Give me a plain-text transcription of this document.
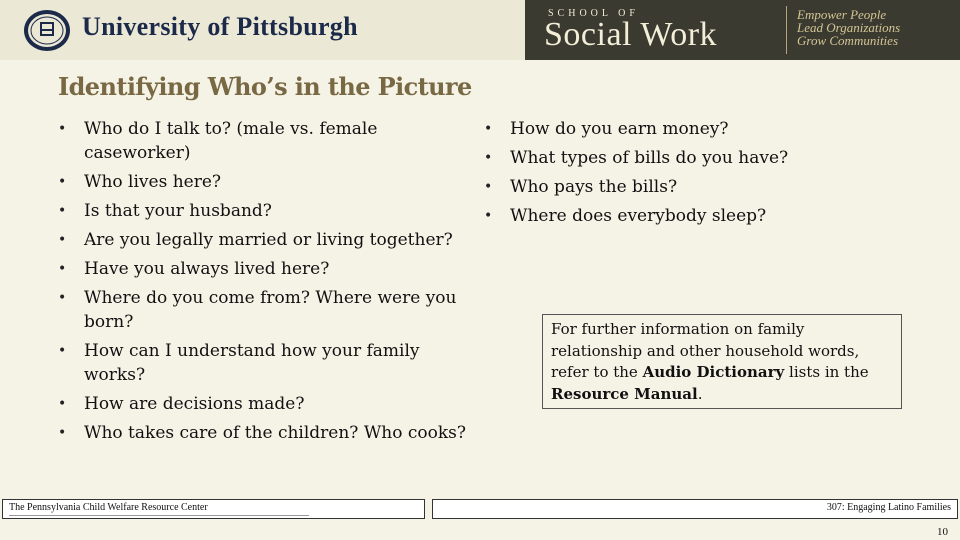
University of Pittsburgh	SCHOOL OF
Social Work
Empower People
Lead Organizations
Grow Communities
Identifying Who’s in the Picture
• Who do I talk to? (male vs. female caseworker)
• Who lives here?
• Is that your husband?
• Are you legally married or living together?
• Have you always lived here?
• Where do you come from? Where were you born?
• How can I understand how your family works?
• How are decisions made?
• Who takes care of the children? Who cooks?
• How do you earn money?
• What types of bills do you have?
• Who pays the bills?
• Where does everybody sleep?
For further information on family relationship and other household words, refer to the Audio Dictionary lists in the Resource Manual.
The Pennsylvania Child Welfare Resource Center	307: Engaging Latino Families
10
